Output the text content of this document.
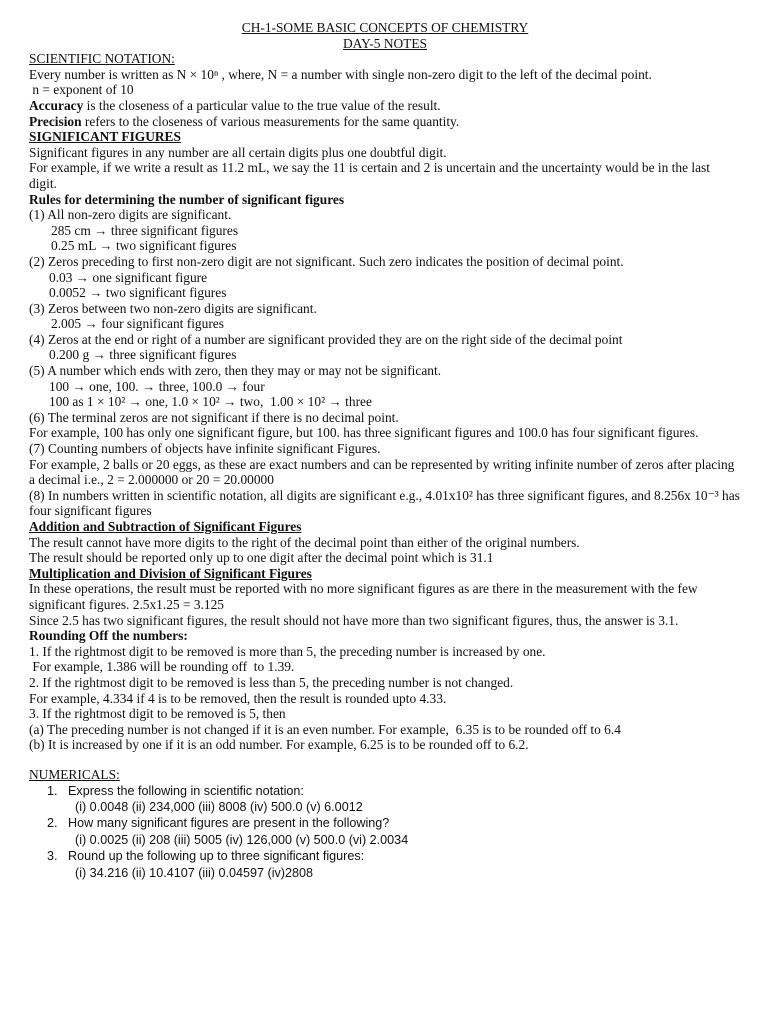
CH-1-SOME BASIC CONCEPTS OF CHEMISTRY

DAY-5 NOTES

SCIENTIFIC NOTATION:

Every number is written as N × 10ⁿ , where, N = a number with single non-zero digit to the left of the decimal point.

n = exponent of 10

Accuracy is the closeness of a particular value to the true value of the result.

Precision refers to the closeness of various measurements for the same quantity.

SIGNIFICANT FIGURES

Significant figures in any number are all certain digits plus one doubtful digit.

For example, if we write a result as 11.2 mL, we say the 11 is certain and 2 is uncertain and the uncertainty would be in the last digit.

Rules for determining the number of significant figures

(1) All non-zero digits are significant.

285 cm → three significant figures

0.25 mL → two significant figures

(2) Zeros preceding to first non-zero digit are not significant. Such zero indicates the position of decimal point.

0.03 → one significant figure

0.0052 → two significant figures

(3) Zeros between two non-zero digits are significant.

2.005 → four significant figures

(4) Zeros at the end or right of a number are significant provided they are on the right side of the decimal point

0.200 g → three significant figures

(5) A number which ends with zero, then they may or may not be significant.

100 → one, 100. → three, 100.0 → four

100 as 1 × 10² → one, 1.0 × 10² → two,  1.00 × 10² → three

(6) The terminal zeros are not significant if there is no decimal point.

For example, 100 has only one significant figure, but 100. has three significant figures and 100.0 has four significant figures.

(7) Counting numbers of objects have infinite significant Figures.

For example, 2 balls or 20 eggs, as these are exact numbers and can be represented by writing infinite number of zeros after placing a decimal i.e., 2 = 2.000000 or 20 = 20.00000

(8) In numbers written in scientific notation, all digits are significant e.g., 4.01x10² has three significant figures, and 8.256x 10⁻³ has four significant figures

Addition and Subtraction of Significant Figures

The result cannot have more digits to the right of the decimal point than either of the original numbers.

The result should be reported only up to one digit after the decimal point which is 31.1

Multiplication and Division of Significant Figures

In these operations, the result must be reported with no more significant figures as are there in the measurement with the few significant figures. 2.5x1.25 = 3.125

Since 2.5 has two significant figures, the result should not have more than two significant figures, thus, the answer is 3.1.

Rounding Off the numbers:

1. If the rightmost digit to be removed is more than 5, the preceding number is increased by one.

For example, 1.386 will be rounding off  to 1.39.

2. If the rightmost digit to be removed is less than 5, the preceding number is not changed.

For example, 4.334 if 4 is to be removed, then the result is rounded upto 4.33.

3. If the rightmost digit to be removed is 5, then

(a) The preceding number is not changed if it is an even number. For example,  6.35 is to be rounded off to 6.4

(b) It is increased by one if it is an odd number. For example, 6.25 is to be rounded off to 6.2.

NUMERICALS:

1.   Express the following in scientific notation:

(i) 0.0048 (ii) 234,000 (iii) 8008 (iv) 500.0 (v) 6.0012

2.   How many significant figures are present in the following?

(i) 0.0025 (ii) 208 (iii) 5005 (iv) 126,000 (v) 500.0 (vi) 2.0034

3.   Round up the following up to three significant figures:

(i) 34.216 (ii) 10.4107 (iii) 0.04597 (iv)2808
